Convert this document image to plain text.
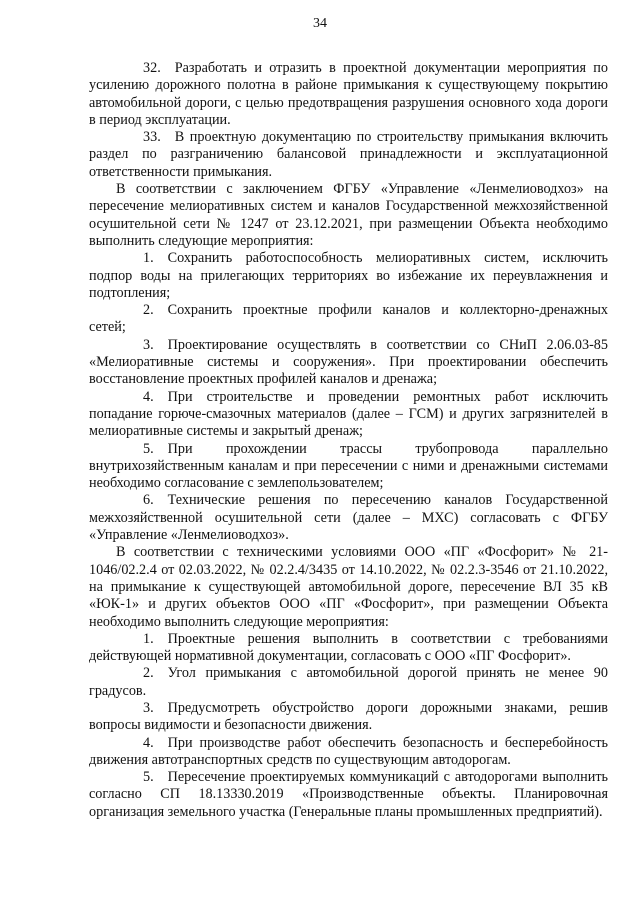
34

32. Разработать и отразить в проектной документации мероприятия по усилению дорожного полотна в районе примыкания к существующему покрытию автомобильной дороги, с целью предотвращения разрушения основного хода дороги в период эксплуатации.

33. В проектную документацию по строительству примыкания включить раздел по разграничению балансовой принадлежности и эксплуатационной ответственности примыкания.

В соответствии с заключением ФГБУ «Управление «Ленмелиоводхоз» на пересечение мелиоративных систем и каналов Государственной межхозяйственной осушительной сети № 1247 от 23.12.2021, при размещении Объекта необходимо выполнить следующие мероприятия:

1. Сохранить работоспособность мелиоративных систем, исключить подпор воды на прилегающих территориях во избежание их переувлажнения и подтопления;

2. Сохранить проектные профили каналов и коллекторно-дренажных сетей;

3. Проектирование осуществлять в соответствии со СНиП 2.06.03-85 «Мелиоративные системы и сооружения». При проектировании обеспечить восстановление проектных профилей каналов и дренажа;

4. При строительстве и проведении ремонтных работ исключить попадание горюче-смазочных материалов (далее – ГСМ) и других загрязнителей в мелиоративные системы и закрытый дренаж;

5. При прохождении трассы трубопровода параллельно внутрихозяйственным каналам и при пересечении с ними и дренажными системами необходимо согласование с землепользователем;

6. Технические решения по пересечению каналов Государственной межхозяйственной осушительной сети (далее – МХС) согласовать с ФГБУ «Управление «Ленмелиоводхоз».

В соответствии с техническими условиями ООО «ПГ «Фосфорит» № 21-1046/02.2.4 от 02.03.2022, № 02.2.4/3435 от 14.10.2022, № 02.2.3-3546 от 21.10.2022, на примыкание к существующей автомобильной дороге, пересечение ВЛ 35 кВ «ЮК-1» и других объектов ООО «ПГ «Фосфорит», при размещении Объекта необходимо выполнить следующие мероприятия:

1. Проектные решения выполнить в соответствии с требованиями действующей нормативной документации, согласовать с ООО «ПГ Фосфорит».

2. Угол примыкания с автомобильной дорогой принять не менее 90 градусов.

3. Предусмотреть обустройство дороги дорожными знаками, решив вопросы видимости и безопасности движения.

4. При производстве работ обеспечить безопасность и бесперебойность движения автотранспортных средств по существующим автодорогам.

5. Пересечение проектируемых коммуникаций с автодорогами выполнить согласно СП 18.13330.2019 «Производственные объекты. Планировочная организация земельного участка (Генеральные планы промышленных предприятий).
